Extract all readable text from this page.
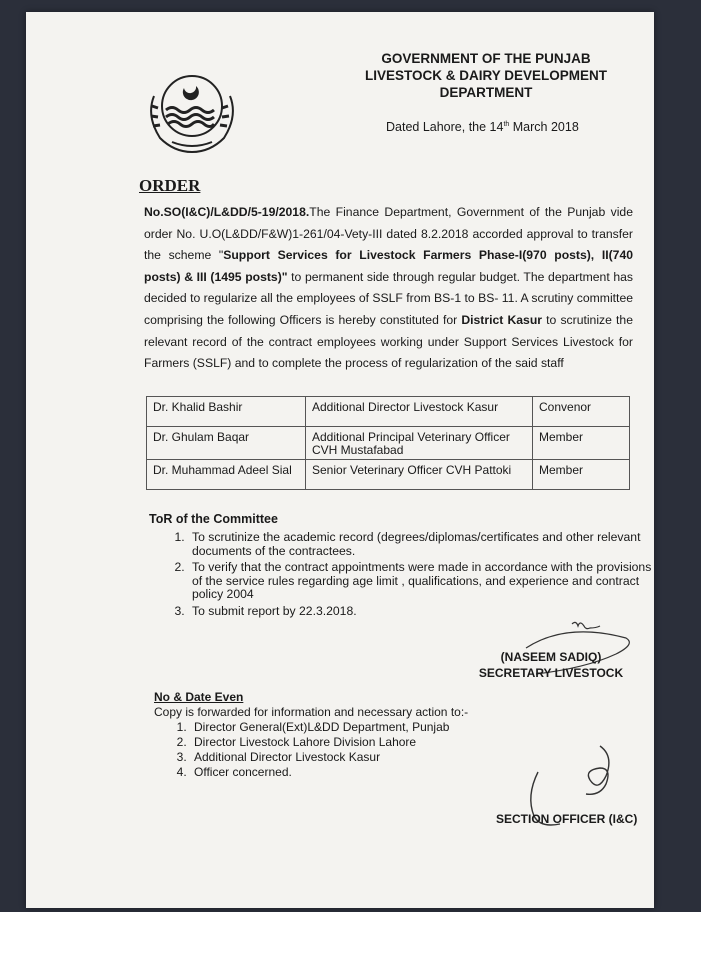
GOVERNMENT OF THE PUNJAB
LIVESTOCK & DAIRY DEVELOPMENT
DEPARTMENT
Dated Lahore, the 14th March 2018
ORDER
No.SO(I&C)/L&DD/5-19/2018.The Finance Department, Government of the Punjab vide order No. U.O(L&DD/F&W)1-261/04-Vety-III dated 8.2.2018 accorded approval to transfer the scheme "Support Services for Livestock Farmers Phase-I(970 posts), II(740 posts) & III (1495 posts)" to permanent side through regular budget. The department has decided to regularize all the employees of SSLF from BS-1 to BS- 11. A scrutiny committee comprising the following Officers is hereby constituted for District Kasur to scrutinize the relevant record of the contract employees working under Support Services Livestock for Farmers (SSLF) and to complete the process of regularization of the said staff
Dr. Khalid Bashir	Additional Director Livestock Kasur	Convenor
Dr. Ghulam Baqar	Additional Principal Veterinary Officer CVH Mustafabad	Member
Dr. Muhammad Adeel Sial	Senior Veterinary Officer CVH Pattoki	Member
ToR of the Committee
1. To scrutinize the academic record (degrees/diplomas/certificates and other relevant documents of the contractees.
2. To verify that the contract appointments were made in accordance with the provisions of the service rules regarding age limit , qualifications, and experience and contract policy 2004
3. To submit report by 22.3.2018.
(NASEEM SADIQ)
SECRETARY LIVESTOCK
No & Date Even
Copy is forwarded for information and necessary action to:-
1. Director General(Ext)L&DD Department, Punjab
2. Director Livestock Lahore Division Lahore
3. Additional Director Livestock Kasur
4. Officer concerned.
SECTION OFFICER (I&C)
